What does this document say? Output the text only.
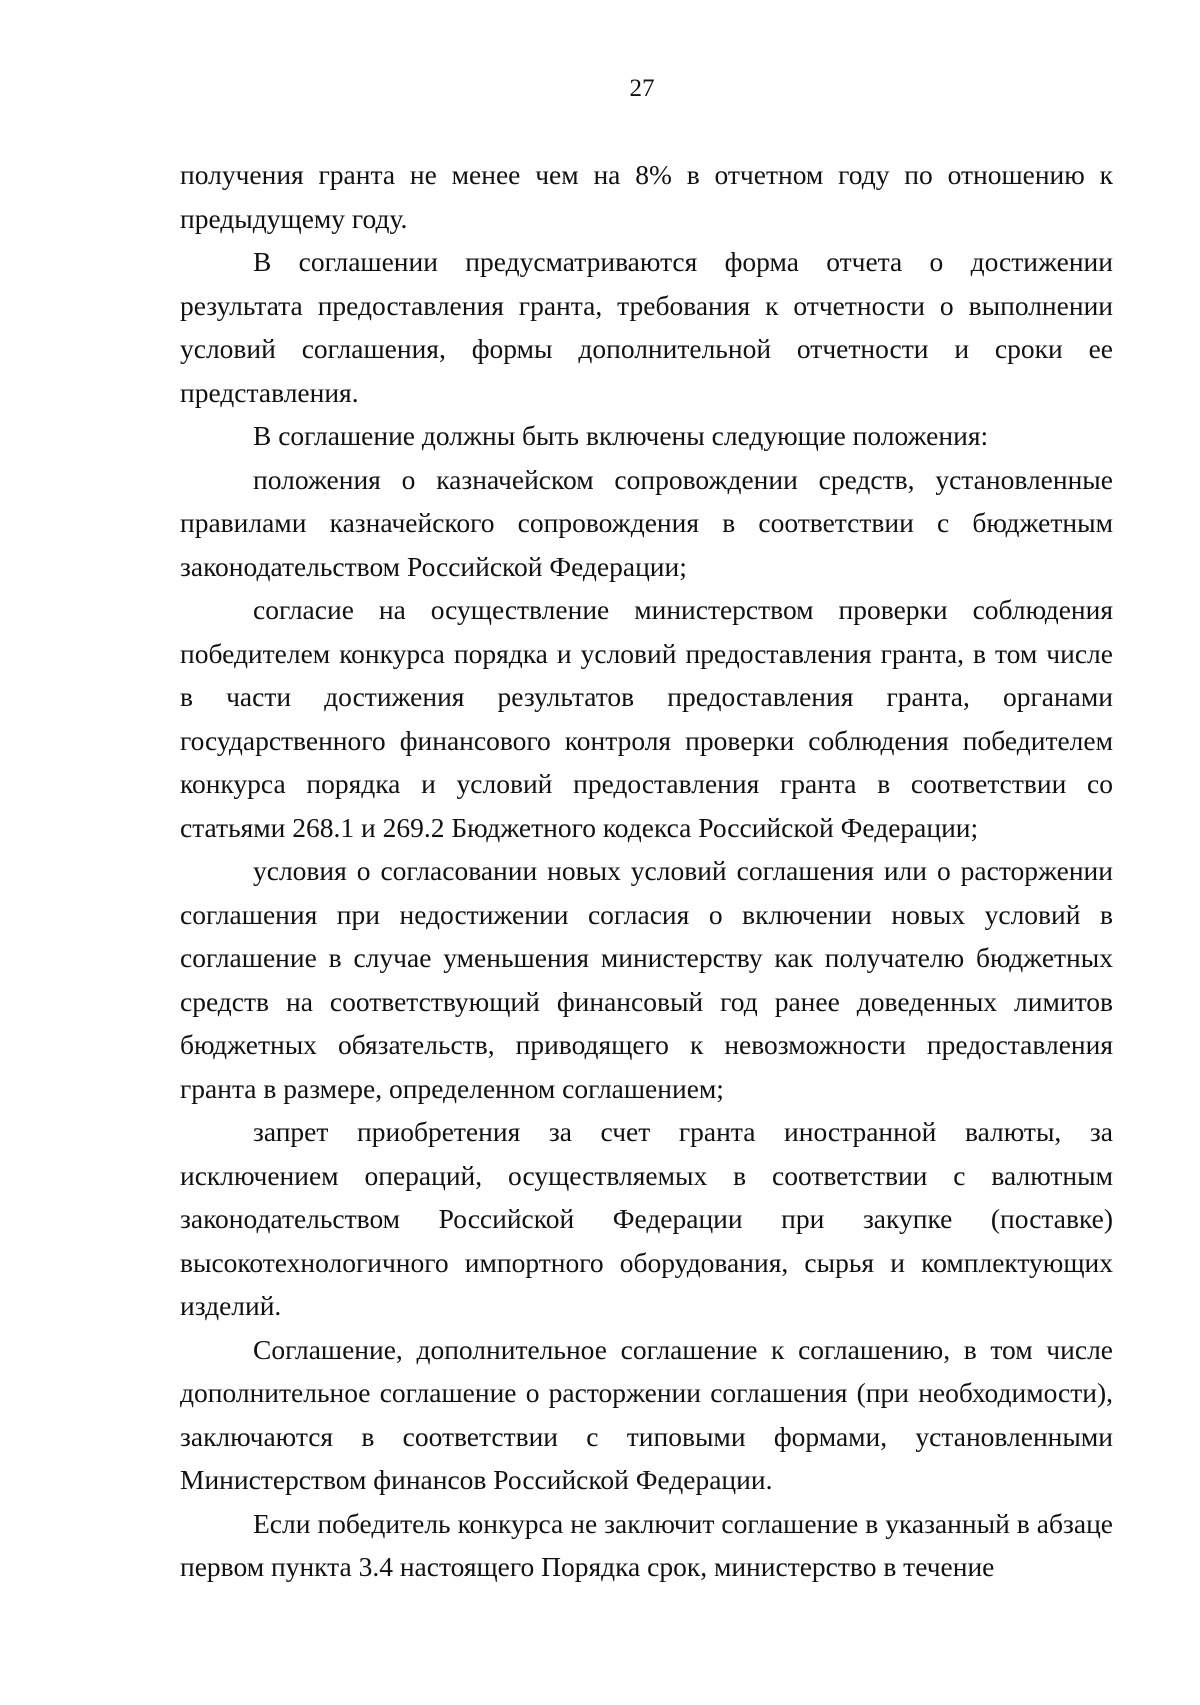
27

получения гранта не менее чем на 8% в отчетном году по отношению к предыдущему году.

В соглашении предусматриваются форма отчета о достижении результата предоставления гранта, требования к отчетности о выполнении условий соглашения, формы дополнительной отчетности и сроки ее представления.

В соглашение должны быть включены следующие положения:

положения о казначейском сопровождении средств, установленные правилами казначейского сопровождения в соответствии с бюджетным законодательством Российской Федерации;

согласие на осуществление министерством проверки соблюдения победителем конкурса порядка и условий предоставления гранта, в том числе в части достижения результатов предоставления гранта, органами государственного финансового контроля проверки соблюдения победителем конкурса порядка и условий предоставления гранта в соответствии со статьями 268.1 и 269.2 Бюджетного кодекса Российской Федерации;

условия о согласовании новых условий соглашения или о расторжении соглашения при недостижении согласия о включении новых условий в соглашение в случае уменьшения министерству как получателю бюджетных средств на соответствующий финансовый год ранее доведенных лимитов бюджетных обязательств, приводящего к невозможности предоставления гранта в размере, определенном соглашением;

запрет приобретения за счет гранта иностранной валюты, за исключением операций, осуществляемых в соответствии с валютным законодательством Российской Федерации при закупке (поставке) высокотехнологичного импортного оборудования, сырья и комплектующих изделий.

Соглашение, дополнительное соглашение к соглашению, в том числе дополнительное соглашение о расторжении соглашения (при необходимости), заключаются в соответствии с типовыми формами, установленными Министерством финансов Российской Федерации.

Если победитель конкурса не заключит соглашение в указанный в абзаце первом пункта 3.4 настоящего Порядка срок, министерство в течение
